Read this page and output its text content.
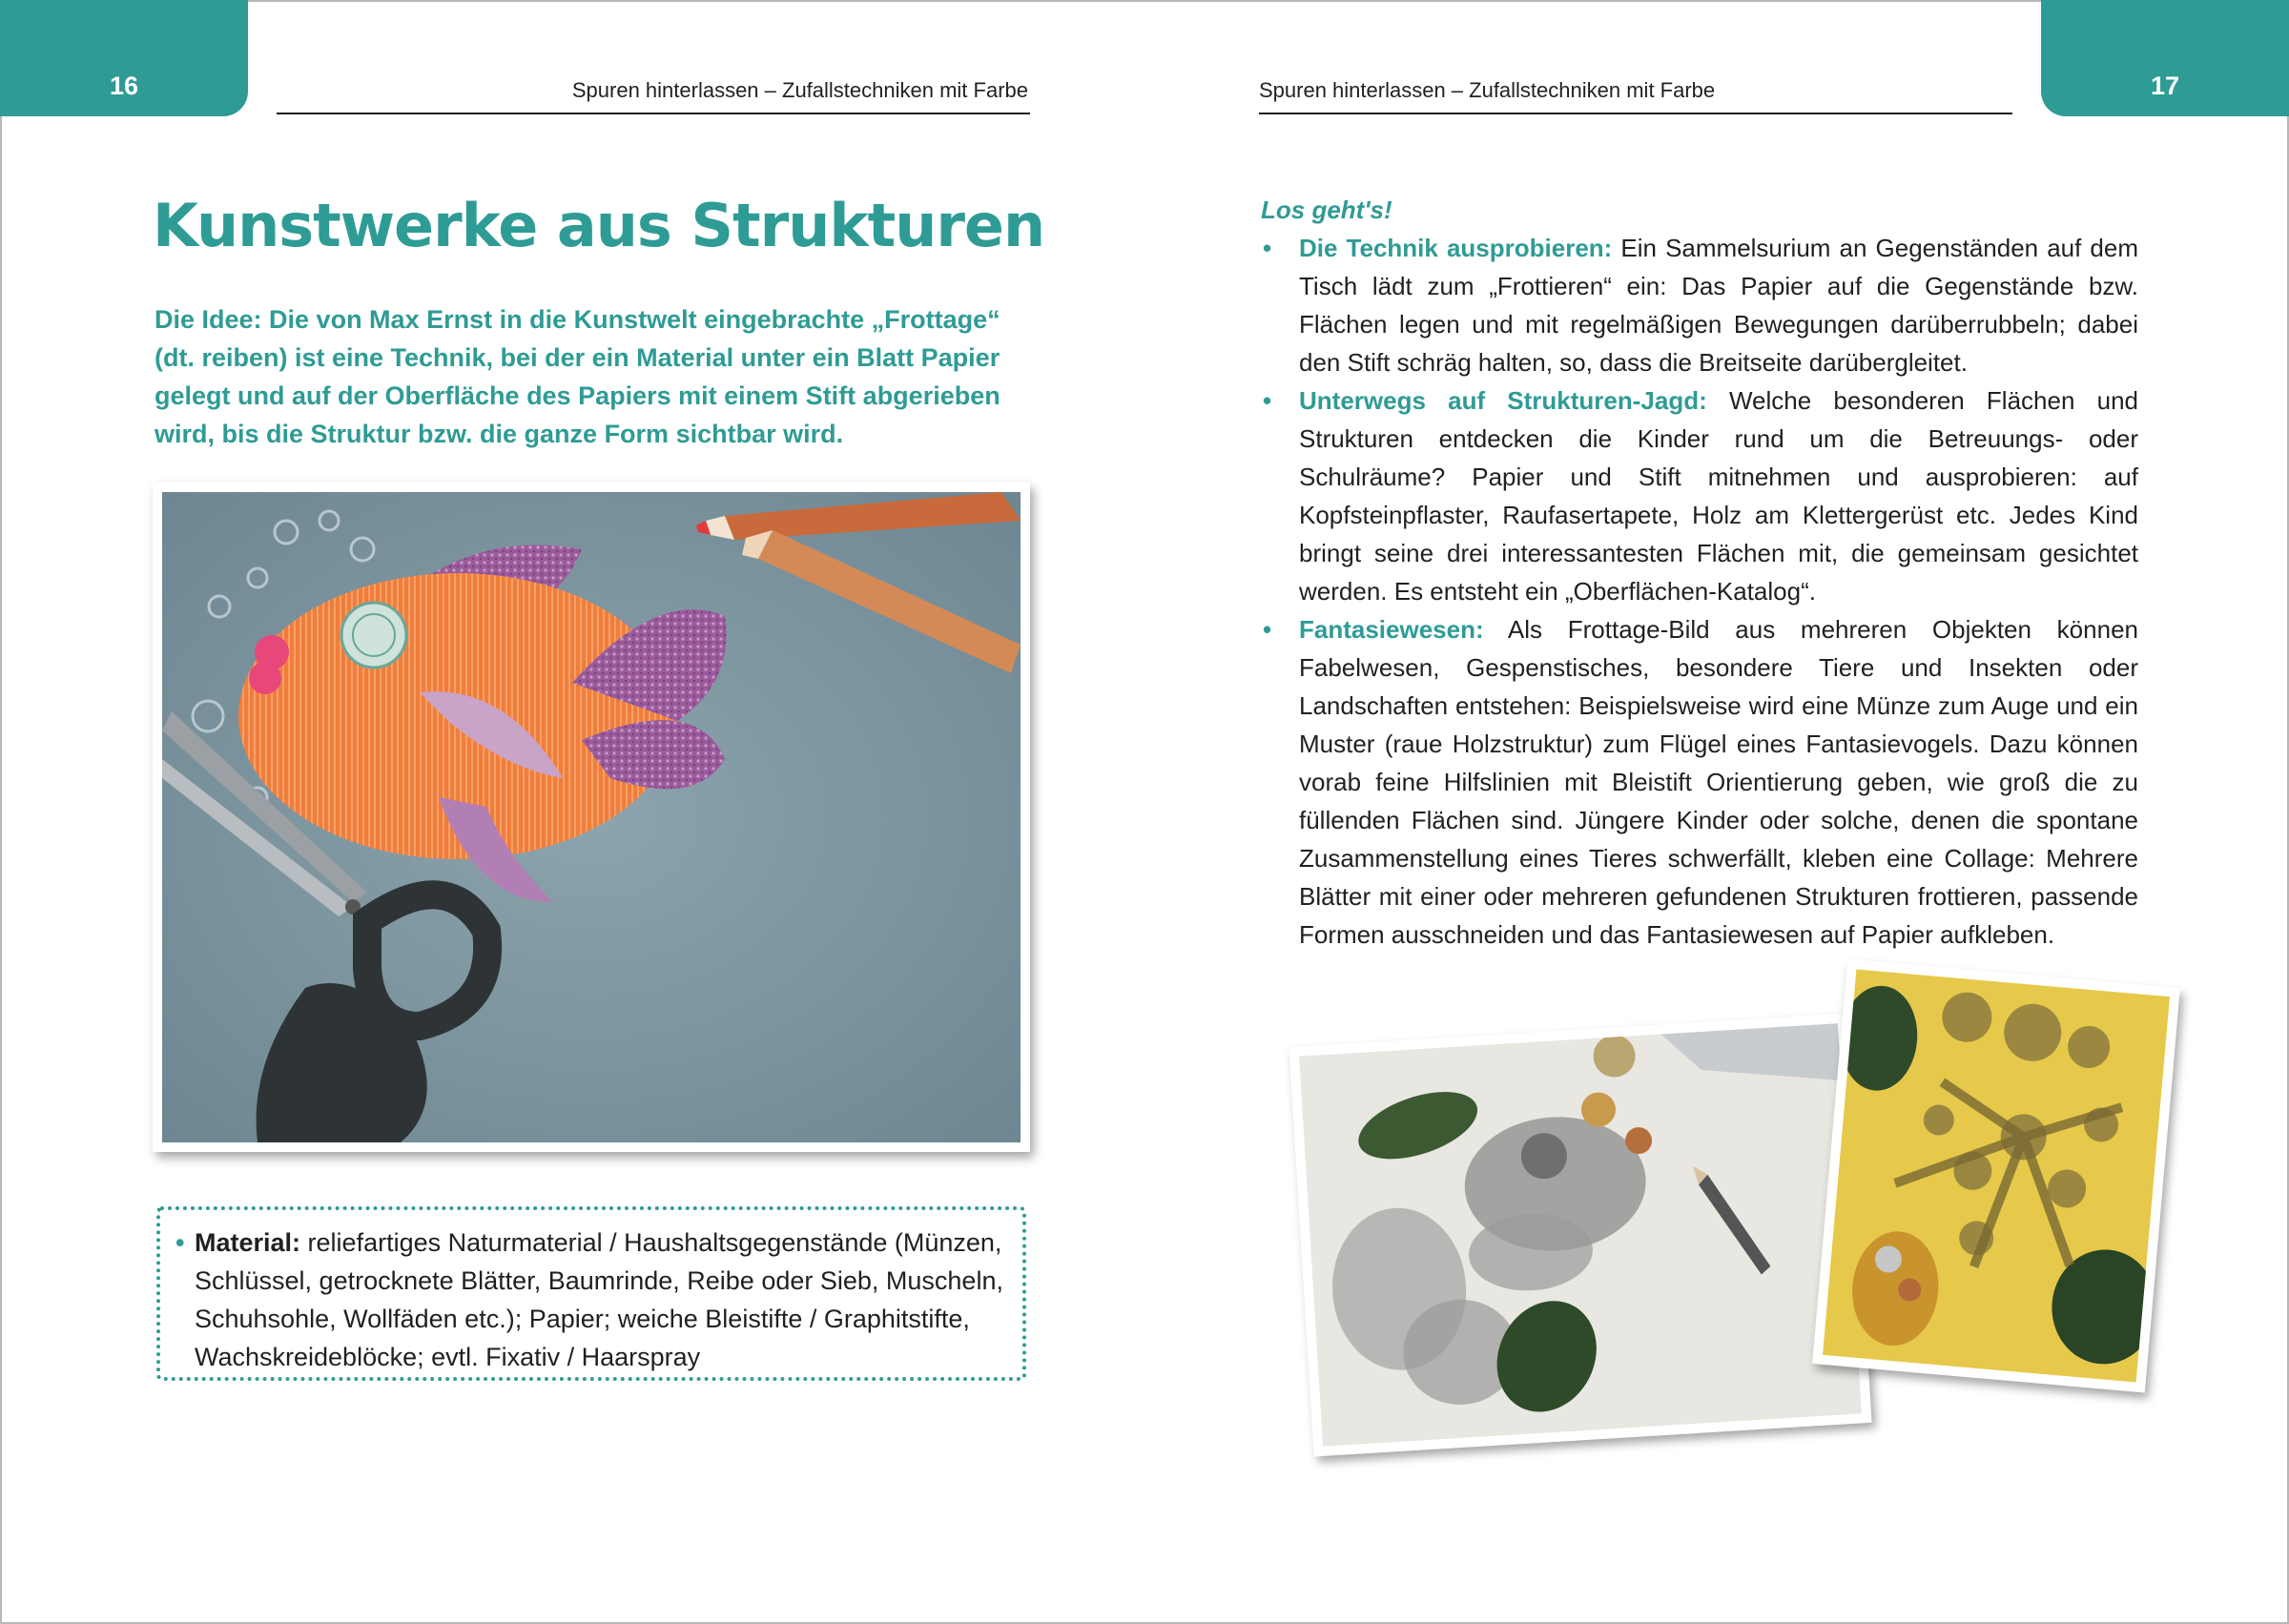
16	17
Spuren hinterlassen – Zufallstechniken mit Farbe	Spuren hinterlassen – Zufallstechniken mit Farbe
Kunstwerke aus Strukturen

Die Idee: Die von Max Ernst in die Kunstwelt eingebrachte „Frottage“ (dt. reiben) ist eine Technik, bei der ein Material unter ein Blatt Papier gelegt und auf der Oberfläche des Papiers mit einem Stift abgerieben wird, bis die Struktur bzw. die ganze Form sichtbar wird.

• Material: reliefartiges Naturmaterial / Haushaltsgegenstände (Münzen, Schlüssel, getrocknete Blätter, Baumrinde, Reibe oder Sieb, Muscheln, Schuhsohle, Wollfäden etc.); Papier; weiche Bleistifte / Graphitstifte, Wachskreideblöcke; evtl. Fixativ / Haarspray

Los geht's!
• Die Technik ausprobieren: Ein Sammelsurium an Gegenständen auf dem Tisch lädt zum „Frottieren“ ein: Das Papier auf die Gegenstände bzw. Flächen legen und mit regelmäßigen Bewegungen darüberrubbeln; dabei den Stift schräg halten, so, dass die Breitseite darübergleitet.
• Unterwegs auf Strukturen-Jagd: Welche besonderen Flächen und Strukturen entdecken die Kinder rund um die Betreuungs- oder Schulräume? Papier und Stift mitnehmen und ausprobieren: auf Kopfsteinpflaster, Raufasertapete, Holz am Klettergerüst etc. Jedes Kind bringt seine drei interessantesten Flächen mit, die gemeinsam gesichtet werden. Es entsteht ein „Oberflächen-Katalog“.
• Fantasiewesen: Als Frottage-Bild aus mehreren Objekten können Fabelwesen, Gespenstisches, besondere Tiere und Insekten oder Landschaften entstehen: Beispielsweise wird eine Münze zum Auge und ein Muster (raue Holzstruktur) zum Flügel eines Fantasievogels. Dazu können vorab feine Hilfslinien mit Bleistift Orientierung geben, wie groß die zu füllenden Flächen sind. Jüngere Kinder oder solche, denen die spontane Zusammenstellung eines Tieres schwerfällt, kleben eine Collage: Mehrere Blätter mit einer oder mehreren gefundenen Strukturen frottieren, passende Formen ausschneiden und das Fantasiewesen auf Papier aufkleben.
